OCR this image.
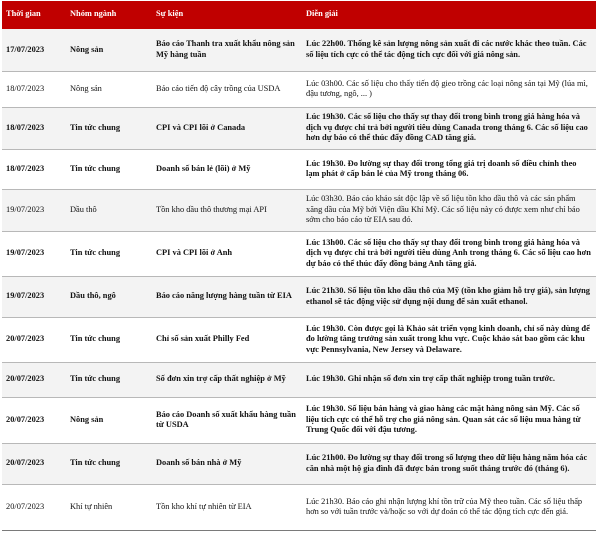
Thời gian	Nhóm ngành	Sự kiện	Diễn giải
17/07/2023	Nông sản	Báo cáo Thanh tra xuất khẩu nông sản Mỹ hàng tuần	Lúc 22h00. Thống kê sản lượng nông sản xuất đi các nước khác theo tuần. Các số liệu tích cực có thể tác động tích cực đối với giá nông sản.
18/07/2023	Nông sản	Báo cáo tiến độ cây trồng của USDA	Lúc 03h00. Các số liệu cho thấy tiến độ gieo trồng các loại nông sản tại Mỹ (lúa mì, đậu tương, ngô, ... )
18/07/2023	Tin tức chung	CPI và CPI lõi ở Canada	Lúc 19h30. Các số liệu cho thấy sự thay đổi trong bình trong giá hàng hóa và dịch vụ được chi trả bởi người tiêu dùng Canada trong tháng 6. Các số liệu cao hơn dự báo có thể thúc đẩy đồng CAD tăng giá.
18/07/2023	Tin tức chung	Doanh số bán lẻ (lõi) ở Mỹ	Lúc 19h30. Đo lường sự thay đổi trong tổng giá trị doanh số điều chỉnh theo lạm phát ở cấp bán lẻ của Mỹ trong tháng 06.
19/07/2023	Dầu thô	Tồn kho dầu thô thương mại API	Lúc 03h30. Báo cáo khảo sát độc lập về số liệu tồn kho dầu thô và các sản phẩm xăng dầu của Mỹ bởi Viện dầu Khí Mỹ. Các số liệu này có được xem như chỉ báo sớm cho báo cáo từ EIA sau đó.
19/07/2023	Tin tức chung	CPI và CPI lõi ở Anh	Lúc 13h00. Các số liệu cho thấy sự thay đổi trong bình trong giá hàng hóa và dịch vụ được chi trả bởi người tiêu dùng Anh trong tháng 6. Các số liệu cao hơn dự báo có thể thúc đẩy đồng bảng Anh tăng giá.
19/07/2023	Dầu thô, ngô	Báo cáo năng lượng hàng tuần từ EIA	Lúc 21h30. Số liệu tồn kho dầu thô của Mỹ (tồn kho giảm hỗ trợ giá), sản lượng ethanol sẽ tác động việc sử dụng nội dung để sản xuất ethanol.
20/07/2023	Tin tức chung	Chỉ số sản xuất Philly Fed	Lúc 19h30. Còn được gọi là Khảo sát triển vọng kinh doanh, chỉ số này dùng để đo lường tăng trưởng sản xuất trong khu vực. Cuộc khảo sát bao gồm các khu vực Pennsylvania, New Jersey và Delaware.
20/07/2023	Tin tức chung	Số đơn xin trợ cấp thất nghiệp ở Mỹ	Lúc 19h30. Ghi nhận số đơn xin trợ cấp thất nghiệp trong tuần trước.
20/07/2023	Nông sản	Báo cáo Doanh số xuất khẩu hàng tuần từ USDA	Lúc 19h30. Số liệu bán hàng và giao hàng các mặt hàng nông sản Mỹ. Các số liệu tích cực có thể hỗ trợ cho giá nông sản. Quan sát các số liệu mua hàng từ Trung Quốc đối với đậu tương.
20/07/2023	Tin tức chung	Doanh số bán nhà ở Mỹ	Lúc 21h00. Đo lường sự thay đổi trong số lượng theo dữ liệu hàng năm hóa các căn nhà một hộ gia đình đã được bán trong suốt tháng trước đó (tháng 6).
20/07/2023	Khí tự nhiên	Tồn kho khí tự nhiên từ EIA	Lúc 21h30. Báo cáo ghi nhận lượng khí tồn trữ của Mỹ theo tuần. Các số liệu thấp hơn so với tuần trước và/hoặc so với dự đoán có thể tác động tích cực đến giá.
